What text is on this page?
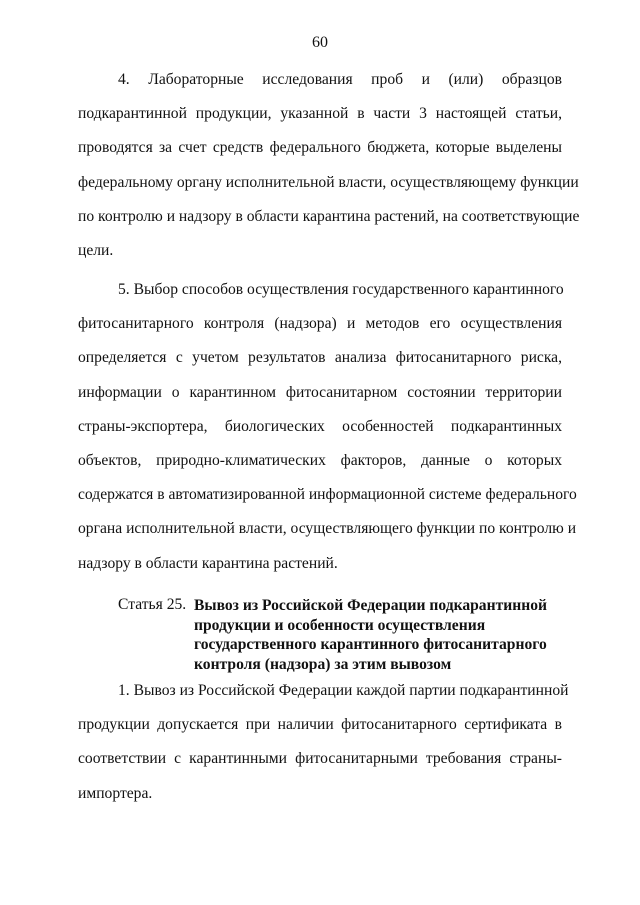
60
4. Лабораторные исследования проб и (или) образцов
подкарантинной продукции, указанной в части 3 настоящей статьи,
проводятся за счет средств федерального бюджета, которые выделены
федеральному органу исполнительной власти, осуществляющему функции
по контролю и надзору в области карантина растений, на соответствующие
цели.
5. Выбор способов осуществления государственного карантинного
фитосанитарного контроля (надзора) и методов его осуществления
определяется с учетом результатов анализа фитосанитарного риска,
информации о карантинном фитосанитарном состоянии территории
страны-экспортера, биологических особенностей подкарантинных
объектов, природно-климатических факторов, данные о которых
содержатся в автоматизированной информационной системе федерального
органа исполнительной власти, осуществляющего функции по контролю и
надзору в области карантина растений.
Статья 25. Вывоз из Российской Федерации подкарантинной
продукции и особенности осуществления
государственного карантинного фитосанитарного
контроля (надзора) за этим вывозом
1. Вывоз из Российской Федерации каждой партии подкарантинной
продукции допускается при наличии фитосанитарного сертификата в
соответствии с карантинными фитосанитарными требования страны-
импортера.
